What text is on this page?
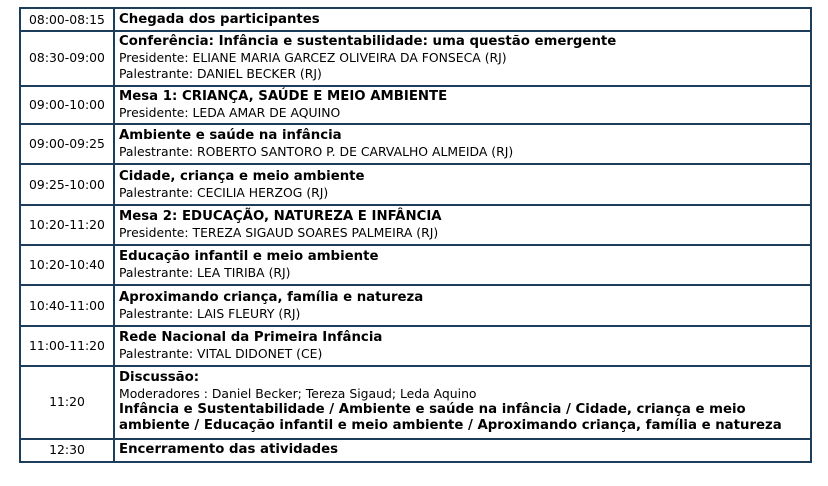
08:00-08:15	Chegada dos participantes

08:30-09:00	Conferência: Infância e sustentabilidade: uma questão emergente
Presidente: ELIANE MARIA GARCEZ OLIVEIRA DA FONSECA (RJ)
Palestrante: DANIEL BECKER (RJ)

09:00-10:00	Mesa 1: CRIANÇA, SAÚDE E MEIO AMBIENTE
Presidente: LEDA AMAR DE AQUINO

09:00-09:25	Ambiente e saúde na infância
Palestrante: ROBERTO SANTORO P. DE CARVALHO ALMEIDA (RJ)

09:25-10:00	Cidade, criança e meio ambiente
Palestrante: CECILIA HERZOG (RJ)

10:20-11:20	Mesa 2: EDUCAÇÃO, NATUREZA E INFÂNCIA
Presidente: TEREZA SIGAUD SOARES PALMEIRA (RJ)

10:20-10:40	Educação infantil e meio ambiente
Palestrante: LEA TIRIBA (RJ)

10:40-11:00	Aproximando criança, família e natureza
Palestrante: LAIS FLEURY (RJ)

11:00-11:20	Rede Nacional da Primeira Infância
Palestrante: VITAL DIDONET (CE)

11:20	Discussão:
Moderadores : Daniel Becker; Tereza Sigaud; Leda Aquino
Infância e Sustentabilidade / Ambiente e saúde na infância / Cidade, criança e meio ambiente / Educação infantil e meio ambiente / Aproximando criança, família e natureza

12:30	Encerramento das atividades
